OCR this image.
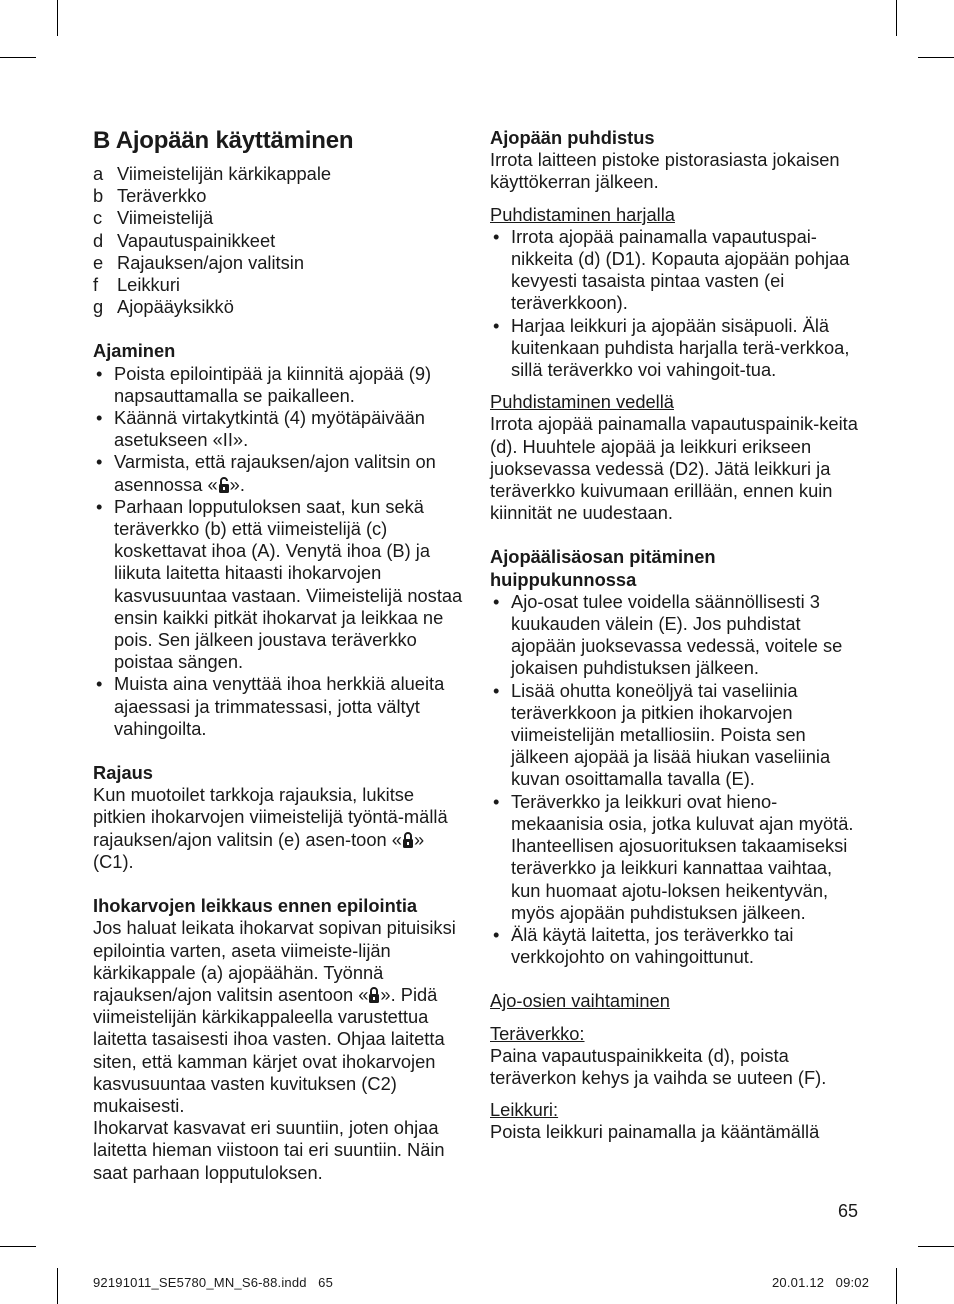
B Ajopään käyttäminen
a Viimeistelijän kärkikappale
b Teräverkko
c Viimeistelijä
d Vapautuspainikkeet
e Rajauksen/ajon valitsin
f	Leikkuri
g Ajopääyksikkö

Ajaminen

• Poista epilointipää ja kiinnitä ajopää (9) napsauttamalla se paikalleen.
• Käännä virtakytkintä (4) myötäpäivään asetukseen «II».
• Varmista, että rajauksen/ajon valitsin on asennossa « ».
• Parhaan lopputuloksen saat, kun sekä teräverkko (b) että viimeistelijä (c) koskettavat ihoa (A). Venytä ihoa (B) ja liikuta laitetta hitaasti ihokarvojen kasvusuuntaa vastaan. Viimeistelijä nostaa ensin kaikki pitkät ihokarvat ja leikkaa ne pois. Sen jälkeen joustava teräverkko poistaa sängen.
• Muista aina venyttää ihoa herkkiä alueita ajaessasi ja trimmatessasi, jotta vältyt vahingoilta.

Rajaus

Kun muotoilet tarkkoja rajauksia, lukitse pitkien ihokarvojen viimeistelijä työntä-mällä rajauksen/ajon valitsin (e) asen-toon « » (C1).

Ihokarvojen leikkaus ennen epilointia

Jos haluat leikata ihokarvat sopivan pituisiksi epilointia varten, aseta viimeiste-lijän kärkikappale (a) ajopäähän. Työnnä rajauksen/ajon valitsin asentoon « ». Pidä viimeistelijän kärkikappaleella varustettua laitetta tasaisesti ihoa vasten. Ohjaa laitetta siten, että kamman kärjet ovat ihokarvojen kasvusuuntaa vasten kuvituksen (C2) mukaisesti.

Ihokarvat kasvavat eri suuntiin, joten ohjaa laitetta hieman viistoon tai eri suuntiin. Näin saat parhaan lopputuloksen.

Ajopään puhdistus

Irrota laitteen pistoke pistorasiasta jokaisen käyttökerran jälkeen.

Puhdistaminen harjalla

• Irrota ajopää painamalla vapautuspai-nikkeita (d) (D1). Kopauta ajopään pohjaa kevyesti tasaista pintaa vasten (ei teräverkkoon).
• Harjaa leikkuri ja ajopään sisäpuoli. Älä kuitenkaan puhdista harjalla terä-verkkoa, sillä teräverkko voi vahingoit-tua.

Puhdistaminen vedellä

Irrota ajopää painamalla vapautuspainik-keita (d). Huuhtele ajopää ja leikkuri erikseen juoksevassa vedessä (D2). Jätä leikkuri ja teräverkko kuivumaan erillään, ennen kuin kiinnität ne uudestaan.

Ajopäälisäosan pitäminen huippukunnossa

• Ajo-osat tulee voidella säännöllisesti 3 kuukauden välein (E). Jos puhdistat ajopään juoksevassa vedessä, voitele se jokaisen puhdistuksen jälkeen.
• Lisää ohutta koneöljyä tai vaseliinia teräverkkoon ja pitkien ihokarvojen viimeistelijän metalliosiin. Poista sen jälkeen ajopää ja lisää hiukan vaseliinia kuvan osoittamalla tavalla (E).
• Teräverkko ja leikkuri ovat hieno-mekaanisia osia, jotka kuluvat ajan myötä. Ihanteellisen ajosuorituksen takaamiseksi teräverkko ja leikkuri kannattaa vaihtaa, kun huomaat ajotu-loksen heikentyvän, myös ajopään puhdistuksen jälkeen.
• Älä käytä laitetta, jos teräverkko tai verkkojohto on vahingoittunut.

Ajo-osien vaihtaminen

Teräverkko:

Paina vapautuspainikkeita (d), poista teräverkon kehys ja vaihda se uuteen (F).

Leikkuri:

Poista leikkuri painamalla ja kääntämällä

65
92191011_SE5780_MN_S6-88.indd   65	20.01.12   09:02
